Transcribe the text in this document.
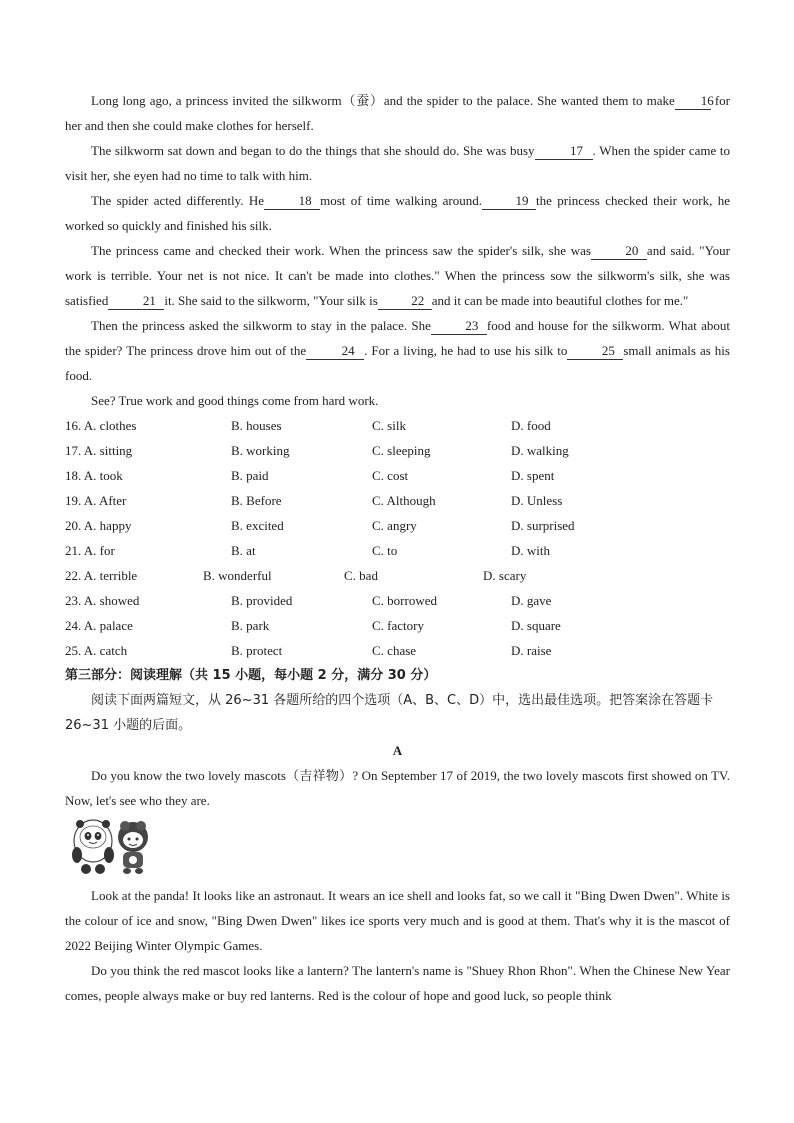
Long long ago, a princess invited the silkworm（蚕）and the spider to the palace. She wanted them to make 16 for her and then she could make clothes for herself.

The silkworm sat down and began to do the things that she should do. She was busy	17 . When the spider came to visit her, she eyen had no time to talk with him.

The spider acted differently. He	18 most of time walking around.	19 the princess checked their work, he worked so quickly and finished his silk.

The princess came and checked their work. When the princess saw the spider's silk, she was	20 and said. "Your work is terrible. Your net is not nice. It can't be made into clothes." When the princess sow the silkworm's silk, she was satisfied	21 it. She said to the silkworm, "Your silk is	22 and it can be made into beautiful clothes for me."

Then the princess asked the silkworm to stay in the palace. She	23 food and house for the silkworm. What about the spider? The princess drove him out of the	24 . For a living, he had to use his silk to	25 small animals as his food.

See? True work and good things come from hard work.

16. A. clothes	B. houses	C. silk	D. food
17. A. sitting	B. working	C. sleeping	D. walking
18. A. took	B. paid	C. cost	D. spent
19. A. After	B. Before	C. Although	D. Unless
20. A. happy	B. excited	C. angry	D. surprised
21. A. for	B. at	C. to	D. with
22. A. terrible	B. wonderful	C. bad	D. scary
23. A. showed	B. provided	C. borrowed	D. gave
24. A. palace	B. park	C. factory	D. square
25. A. catch	B. protect	C. chase	D. raise
第三部分：阅读理解（共 15 小题，每小题 2 分，满分 30 分）

阅读下面两篇短文，从 26~31 各题所给的四个选项（A、B、C、D）中，选出最佳选项。把答案涂在答题卡 26~31 小题的后面。

A

Do you know the two lovely mascots（吉祥物）? On September 17 of 2019, the two lovely mascots first showed on TV. Now, let's see who they are.

Look at the panda! It looks like an astronaut. It wears an ice shell and looks fat, so we call it "Bing Dwen Dwen". White is the colour of ice and snow, "Bing Dwen Dwen" likes ice sports very much and is good at them. That's why it is the mascot of 2022 Beijing Winter Olympic Games.

Do you think the red mascot looks like a lantern? The lantern's name is "Shuey Rhon Rhon". When the Chinese New Year comes, people always make or buy red lanterns. Red is the colour of hope and good luck, so people think
